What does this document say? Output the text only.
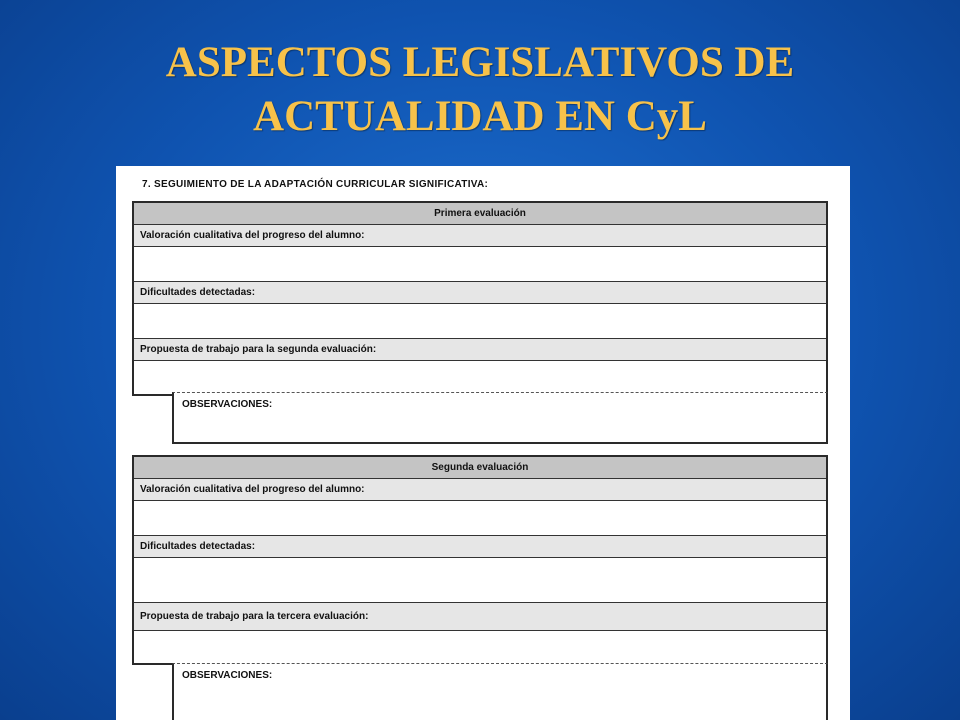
ASPECTOS LEGISLATIVOS DE
ACTUALIDAD EN CyL
7. SEGUIMIENTO DE LA ADAPTACIÓN CURRICULAR SIGNIFICATIVA:
Primera evaluación
Valoración cualitativa del progreso del alumno:
Dificultades detectadas:
Propuesta de trabajo para la segunda evaluación:
OBSERVACIONES:
Segunda evaluación
Valoración cualitativa del progreso del alumno:
Dificultades detectadas:
Propuesta de trabajo para la tercera evaluación:
OBSERVACIONES:
